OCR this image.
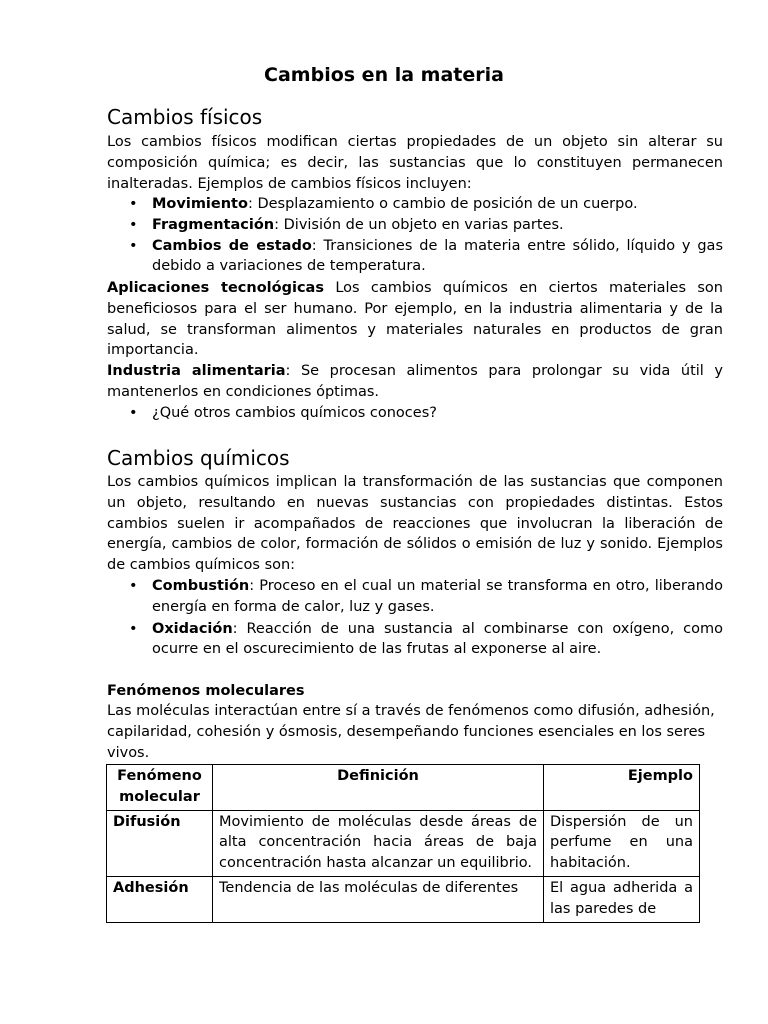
Cambios en la materia
Cambios físicos

Los cambios físicos modifican ciertas propiedades de un objeto sin alterar su composición química; es decir, las sustancias que lo constituyen permanecen inalteradas. Ejemplos de cambios físicos incluyen:

• Movimiento: Desplazamiento o cambio de posición de un cuerpo.
• Fragmentación: División de un objeto en varias partes.
• Cambios de estado: Transiciones de la materia entre sólido, líquido y gas debido a variaciones de temperatura.

Aplicaciones tecnológicas Los cambios químicos en ciertos materiales son beneficiosos para el ser humano. Por ejemplo, en la industria alimentaria y de la salud, se transforman alimentos y materiales naturales en productos de gran importancia.

Industria alimentaria: Se procesan alimentos para prolongar su vida útil y mantenerlos en condiciones óptimas.

• ¿Qué otros cambios químicos conoces?
Cambios químicos

Los cambios químicos implican la transformación de las sustancias que componen un objeto, resultando en nuevas sustancias con propiedades distintas. Estos cambios suelen ir acompañados de reacciones que involucran la liberación de energía, cambios de color, formación de sólidos o emisión de luz y sonido. Ejemplos de cambios químicos son:

• Combustión: Proceso en el cual un material se transforma en otro, liberando energía en forma de calor, luz y gases.
• Oxidación: Reacción de una sustancia al combinarse con oxígeno, como ocurre en el oscurecimiento de las frutas al exponerse al aire.
Fenómenos moleculares

Las moléculas interactúan entre sí a través de fenómenos como difusión, adhesión, capilaridad, cohesión y ósmosis, desempeñando funciones esenciales en los seres vivos.

Fenómeno molecular	Definición	Ejemplo
Difusión	Movimiento de moléculas desde áreas de alta concentración hacia áreas de baja concentración hasta alcanzar un equilibrio.	Dispersión de un perfume en una habitación.
Adhesión	Tendencia de las moléculas de diferentes	El agua adherida a las paredes de
